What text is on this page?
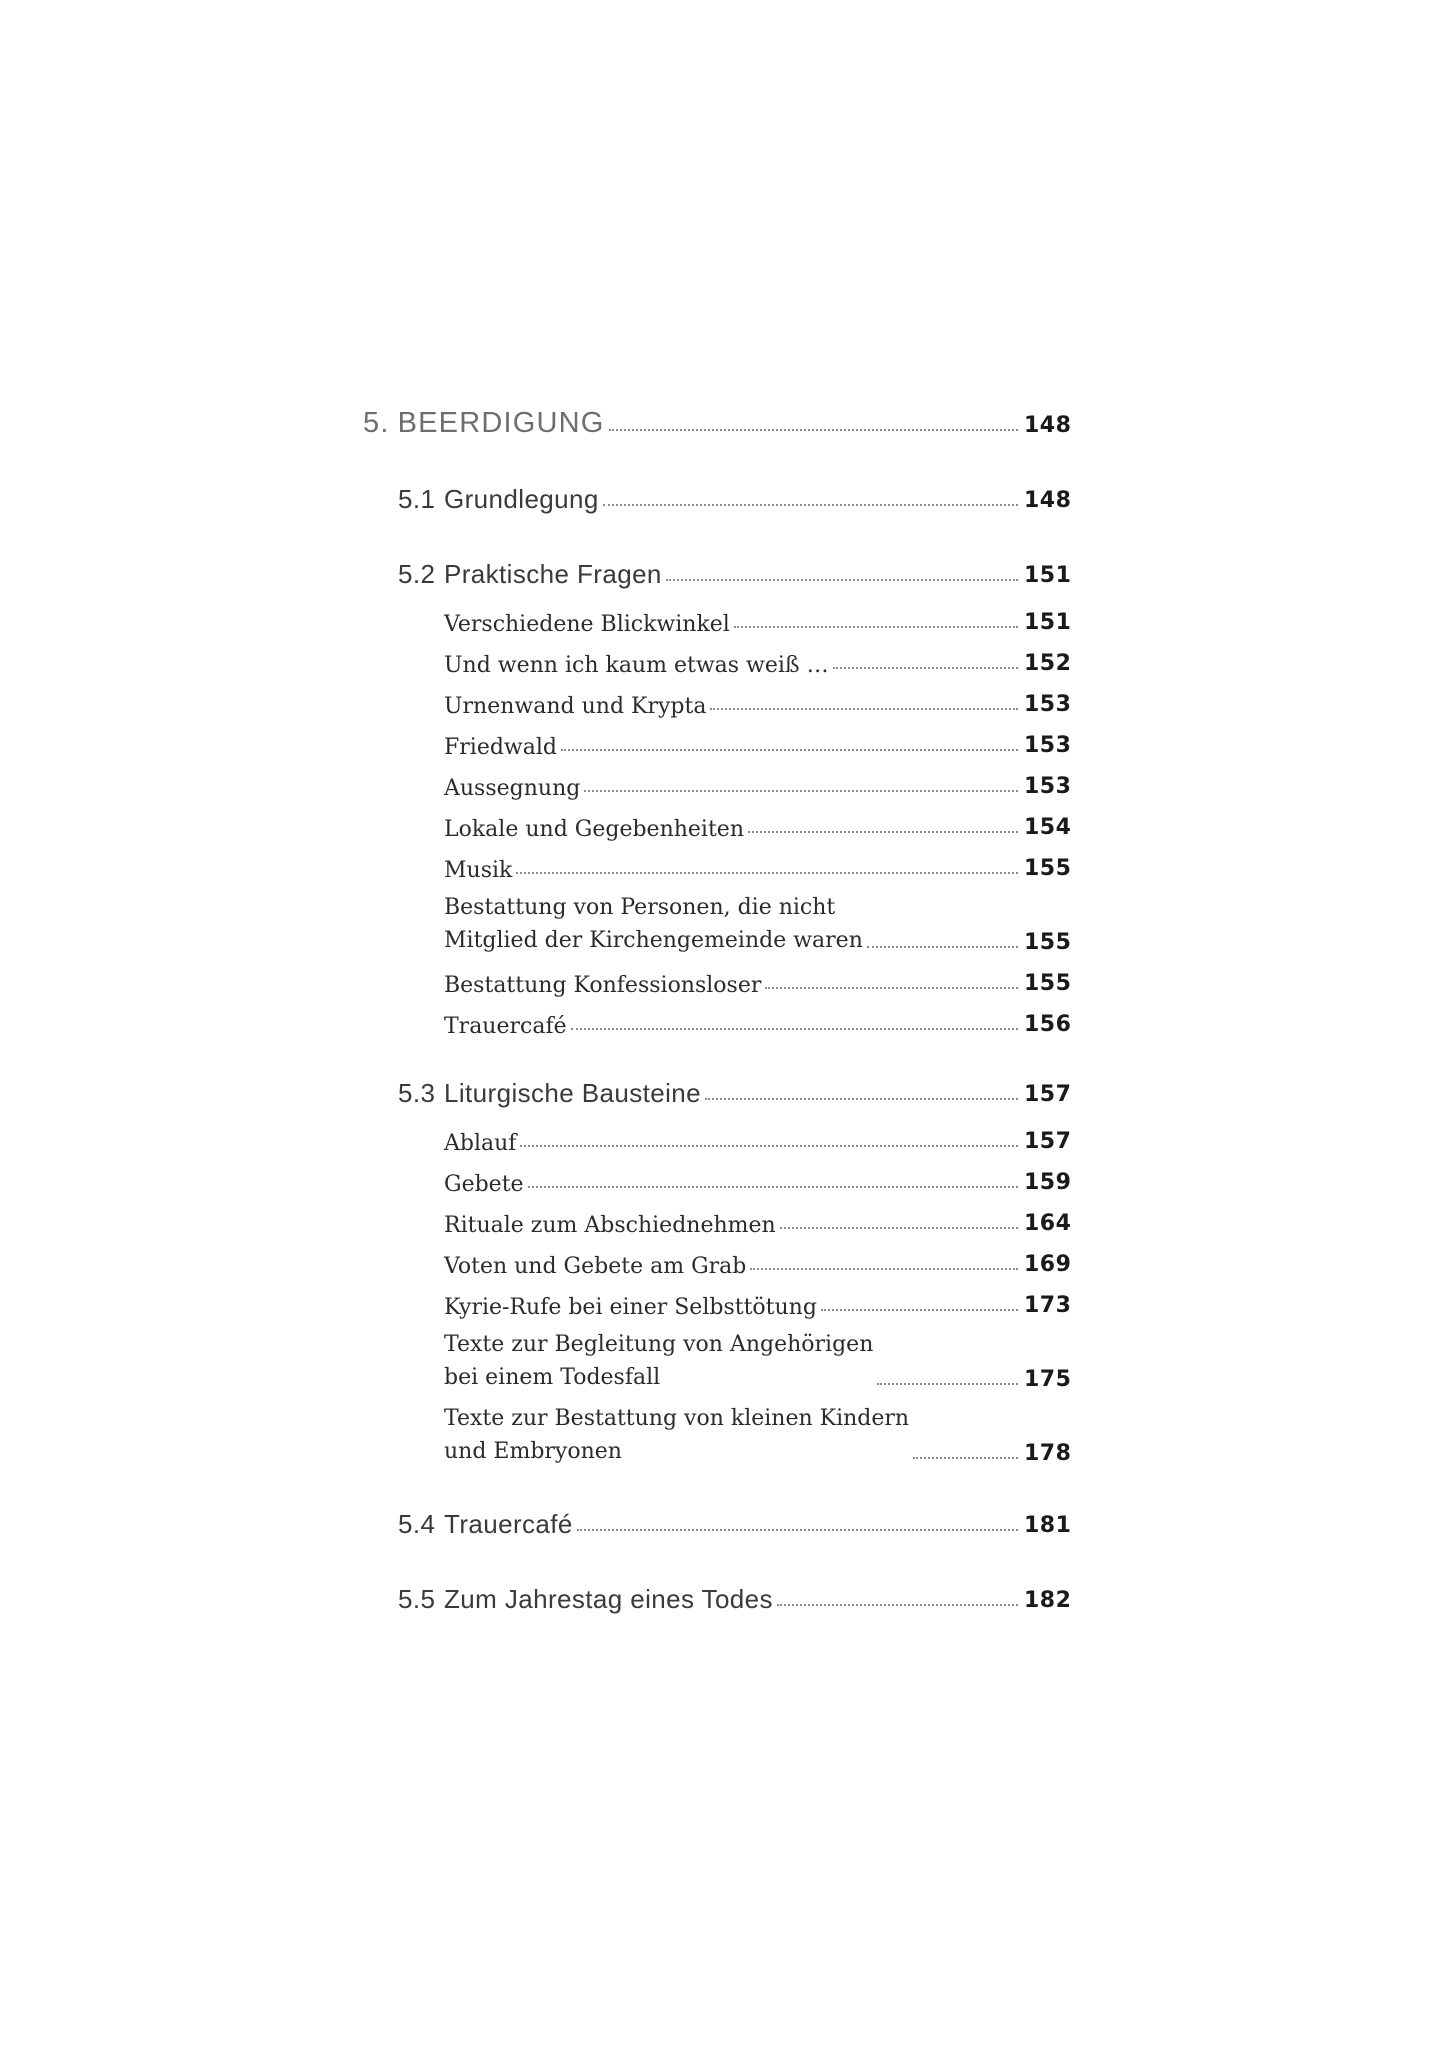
5. BEERDIGUNG	148
5.1 Grundlegung	148
5.2 Praktische Fragen	151
Verschiedene Blickwinkel	151
Und wenn ich kaum etwas weiß …	152
Urnenwand und Krypta	153
Friedwald	153
Aussegnung	153
Lokale und Gegebenheiten	154
Musik	155
Bestattung von Personen, die nicht
Mitglied der Kirchengemeinde waren	155
Bestattung Konfessionsloser	155
Trauercafé	156
5.3 Liturgische Bausteine	157
Ablauf	157
Gebete	159
Rituale zum Abschiednehmen	164
Voten und Gebete am Grab	169
Kyrie-Rufe bei einer Selbsttötung	173
Texte zur Begleitung von Angehörigen
bei einem Todesfall	175
Texte zur Bestattung von kleinen Kindern
und Embryonen	178
5.4 Trauercafé	181
5.5 Zum Jahrestag eines Todes	182
